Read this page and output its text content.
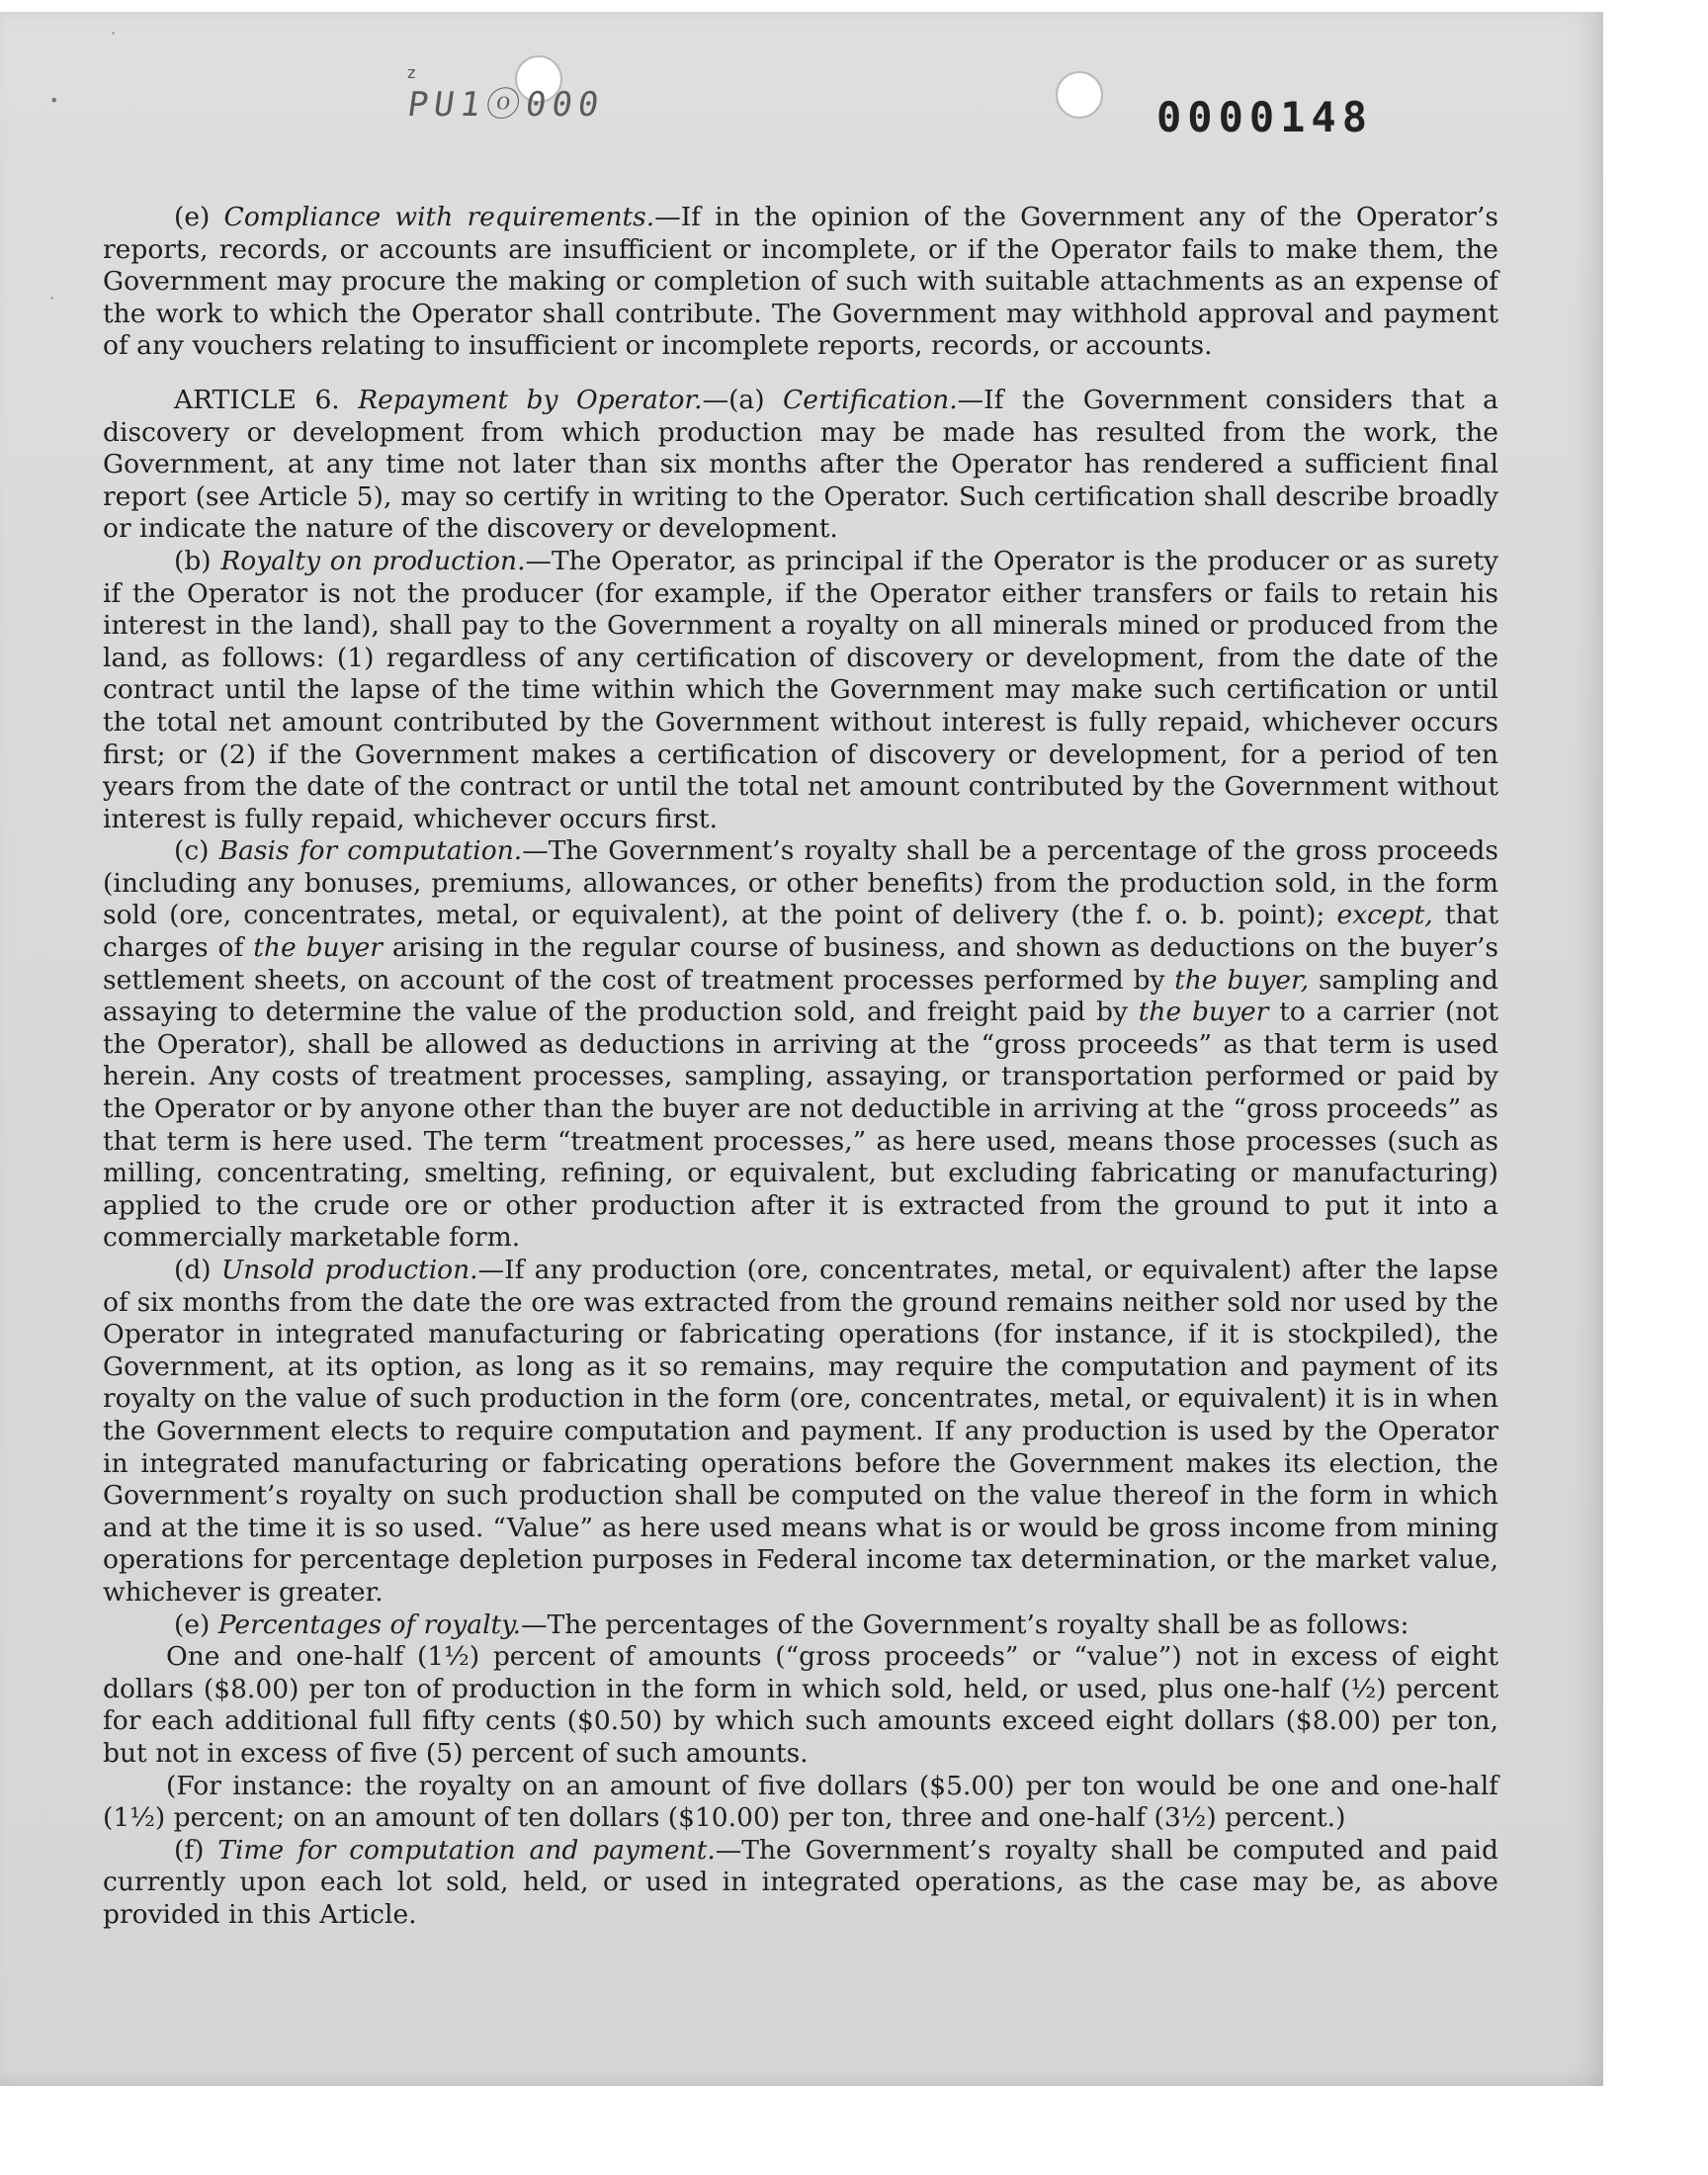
z
PU1ⓞ000	0000148
•
·
·

(e) Compliance with requirements.—If in the opinion of the Government any of the Operator’s reports, records, or accounts are insufficient or incomplete, or if the Operator fails to make them, the Government may procure the making or completion of such with suitable attachments as an expense of the work to which the Operator shall contribute. The Government may withhold approval and payment of any vouchers relating to insufficient or incomplete reports, records, or accounts.

ARTICLE 6. Repayment by Operator.—(a) Certification.—If the Government considers that a discovery or development from which production may be made has resulted from the work, the Government, at any time not later than six months after the Operator has rendered a sufficient final report (see Article 5), may so certify in writing to the Operator. Such certification shall describe broadly or indicate the nature of the discovery or development.

(b) Royalty on production.—The Operator, as principal if the Operator is the producer or as surety if the Operator is not the producer (for example, if the Operator either transfers or fails to retain his interest in the land), shall pay to the Government a royalty on all minerals mined or produced from the land, as follows: (1) regardless of any certification of discovery or development, from the date of the contract until the lapse of the time within which the Government may make such certification or until the total net amount contributed by the Government without interest is fully repaid, whichever occurs first; or (2) if the Government makes a certification of discovery or development, for a period of ten years from the date of the contract or until the total net amount contributed by the Government without interest is fully repaid, whichever occurs first.

(c) Basis for computation.—The Government’s royalty shall be a percentage of the gross proceeds (including any bonuses, premiums, allowances, or other benefits) from the production sold, in the form sold (ore, concentrates, metal, or equivalent), at the point of delivery (the f. o. b. point); except, that charges of the buyer arising in the regular course of business, and shown as deductions on the buyer’s settlement sheets, on account of the cost of treatment processes performed by the buyer, sampling and assaying to determine the value of the production sold, and freight paid by the buyer to a carrier (not the Operator), shall be allowed as deductions in arriving at the “gross proceeds” as that term is used herein. Any costs of treatment processes, sampling, assaying, or transportation performed or paid by the Operator or by anyone other than the buyer are not deductible in arriving at the “gross proceeds” as that term is here used. The term “treatment processes,” as here used, means those processes (such as milling, concentrating, smelting, refining, or equivalent, but excluding fabricating or manufacturing) applied to the crude ore or other production after it is extracted from the ground to put it into a commercially marketable form.

(d) Unsold production.—If any production (ore, concentrates, metal, or equivalent) after the lapse of six months from the date the ore was extracted from the ground remains neither sold nor used by the Operator in integrated manufacturing or fabricating operations (for instance, if it is stockpiled), the Government, at its option, as long as it so remains, may require the computation and payment of its royalty on the value of such production in the form (ore, concentrates, metal, or equivalent) it is in when the Government elects to require computation and payment. If any production is used by the Operator in integrated manufacturing or fabricating operations before the Government makes its election, the Government’s royalty on such production shall be computed on the value thereof in the form in which and at the time it is so used. “Value” as here used means what is or would be gross income from mining operations for percentage depletion purposes in Federal income tax determination, or the market value, whichever is greater.

(e) Percentages of royalty.—The percentages of the Government’s royalty shall be as follows:

One and one-half (1½) percent of amounts (“gross proceeds” or “value”) not in excess of eight dollars ($8.00) per ton of production in the form in which sold, held, or used, plus one-half (½) percent for each additional full fifty cents ($0.50) by which such amounts exceed eight dollars ($8.00) per ton, but not in excess of five (5) percent of such amounts.

(For instance: the royalty on an amount of five dollars ($5.00) per ton would be one and one-half (1½) percent; on an amount of ten dollars ($10.00) per ton, three and one-half (3½) percent.)

(f) Time for computation and payment.—The Government’s royalty shall be computed and paid currently upon each lot sold, held, or used in integrated operations, as the case may be, as above provided in this Article.
